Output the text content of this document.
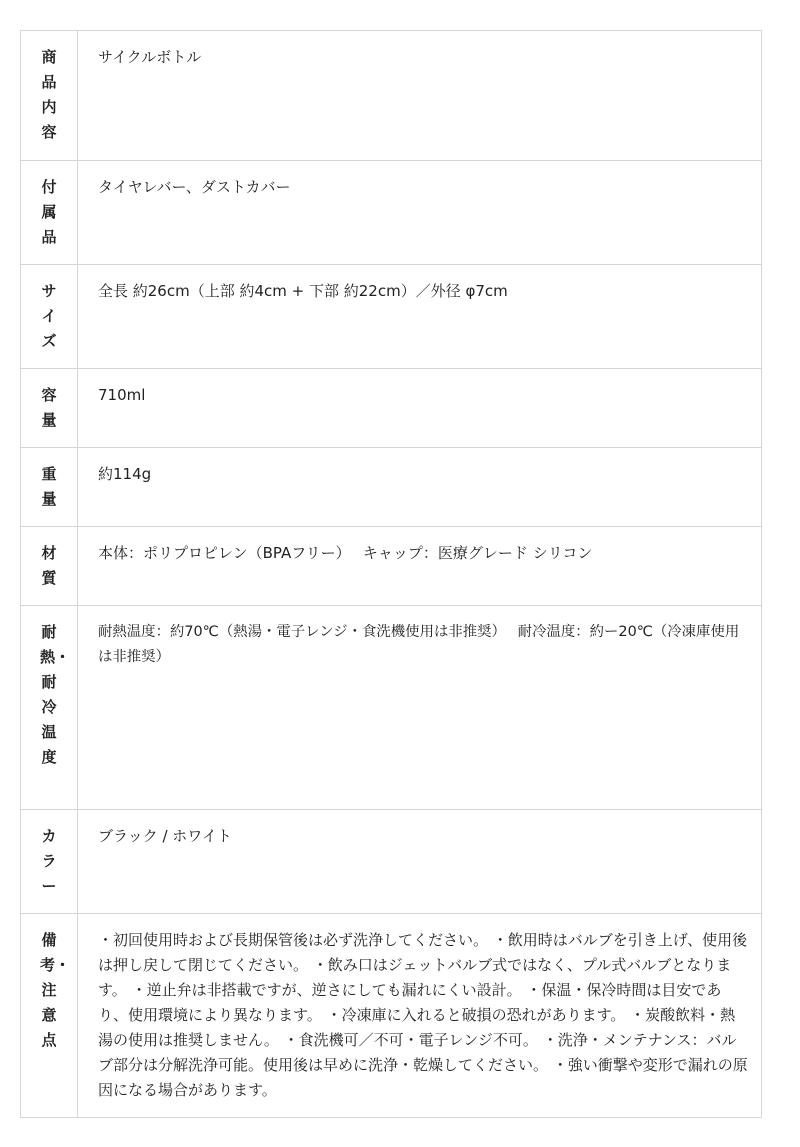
商品内容	サイクルボトル

付属品	タイヤレバー、ダストカバー

サイズ	全長 約26cm（上部 約4cm + 下部 約22cm）／外径 φ7cm

容量	710ml

重量	約114g

材質	本体：ポリプロピレン（BPAフリー）　 キャップ：医療グレード シリコン

耐熱・耐冷温度	耐熱温度：約70℃（熱湯・電子レンジ・食洗機使用は非推奨）　 耐冷温度：約ー20℃（冷凍庫使用は非推奨）

カラー	ブラック / ホワイト

備考・注意点	・初回使用時および長期保管後は必ず洗浄してください。 ・飲用時はバルブを引き上げ、使用後は押し戻して閉じてください。 ・飲み口はジェットバルブ式ではなく、プル式バルブとなります。 ・逆止弁は非搭載ですが、逆さにしても漏れにくい設計。 ・保温・保冷時間は目安であり、使用環境により異なります。 ・冷凍庫に入れると破損の恐れがあります。 ・炭酸飲料・熱湯の使用は推奨しません。 ・食洗機可／不可・電子レンジ不可。 ・洗浄・メンテナンス：バルブ部分は分解洗浄可能。使用後は早めに洗浄・乾燥してください。 ・強い衝撃や変形で漏れの原因になる場合があります。
